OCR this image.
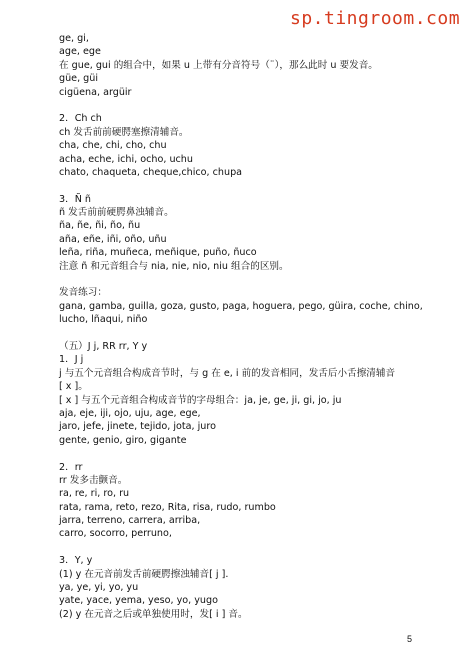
sp.tingroom.com
ge, gi,
age, ege
在 gue, gui 的组合中，如果 u 上带有分音符号（¨），那么此时 u 要发音。
güe, güi
cigüena, argüir
2．Ch ch
ch 发舌前前硬腭塞擦清辅音。
cha, che, chi, cho, chu
acha, eche, ichi, ocho, uchu
chato, chaqueta, cheque,chico, chupa
3．Ñ ñ
ñ 发舌前前硬腭鼻浊辅音。
ña, ñe, ñi, ño, ñu
aña, eñe, iñi, oño, uñu
leña, riña, muñeca, meñique, puño, ñuco
注意 ñ 和元音组合与 nia, nie, nio, niu 组合的区别。
发音练习：
gana, gamba, guilla, goza, gusto, paga, hoguera, pego, güira, coche, chino,
lucho, lñaqui, niño
（五）J j, RR rr, Y y
1．J j
j 与五个元音组合构成音节时，与 g 在 e, i 前的发音相同，发舌后小舌擦清辅音
[ x ]。
[ x ] 与五个元音组合构成音节的字母组合：ja, je, ge, ji, gi, jo, ju
aja, eje, iji, ojo, uju, age, ege,
jaro, jefe, jinete, tejido, jota, juro
gente, genio, giro, gigante
2．rr
rr 发多击颤音。
ra, re, ri, ro, ru
rata, rama, reto, rezo, Rita, risa, rudo, rumbo
jarra, terreno, carrera, arriba,
carro, socorro, perruno,
3．Y, y
(1) y 在元音前发舌前硬腭擦浊辅音[ j ].
ya, ye, yi, yo, yu
yate, yace, yema, yeso, yo, yugo
(2) y 在元音之后或单独使用时，发[ i ] 音。
5
